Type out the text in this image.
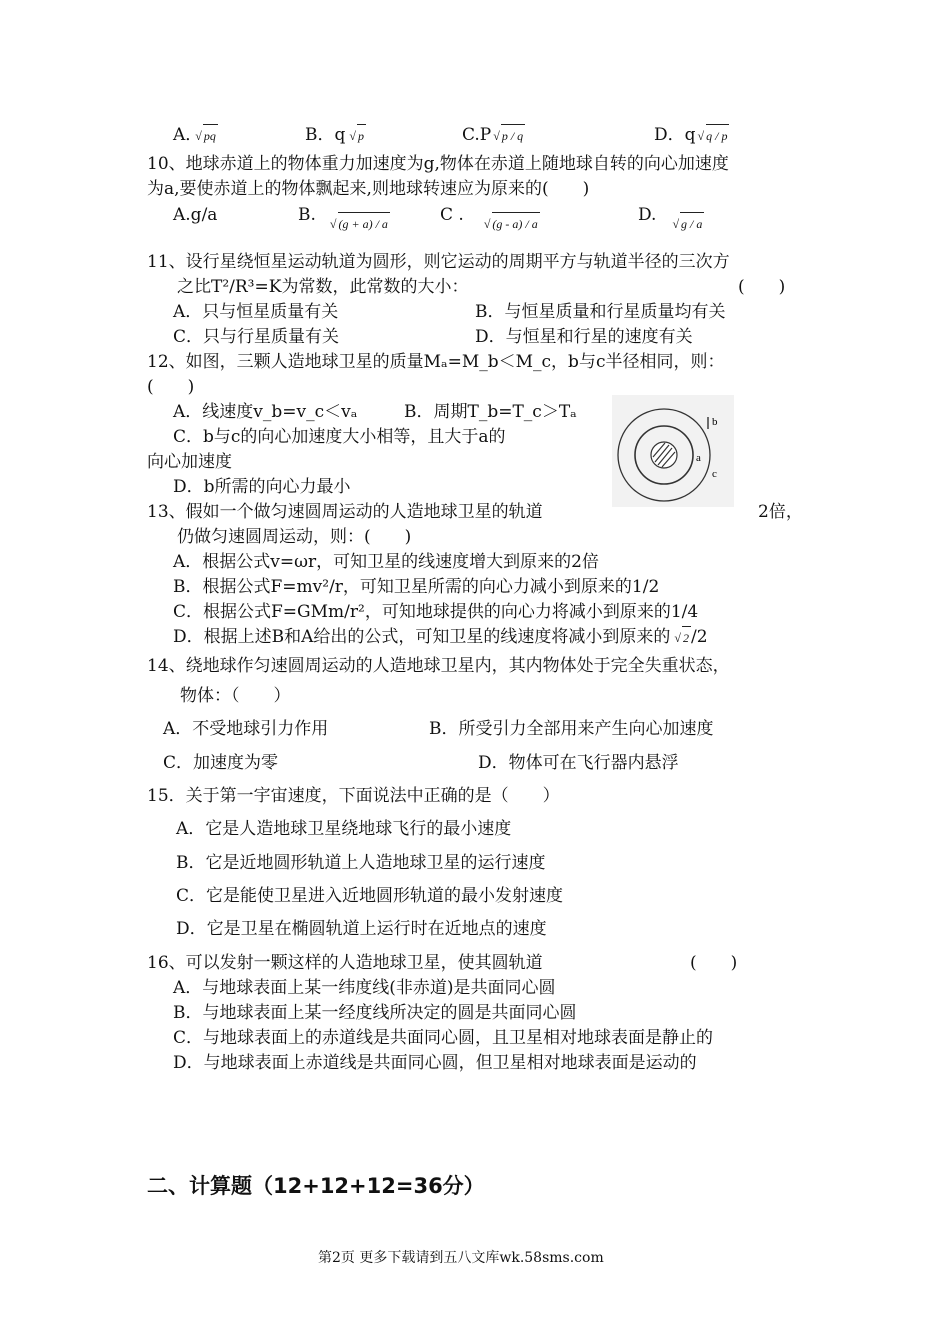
A． √ pq	B．q √ p	C.P √ p / q	D．q √ q / p
10、地球赤道上的物体重力加速度为g,物体在赤道上随地球自转的向心加速度
为a,要使赤道上的物体飘起来,则地球转速应为原来的(　　)
A.g/a	B. √ (g + a) / a	C . √ (g - a) / a	D. √ g / a
11、设行星绕恒星运动轨道为圆形，则它运动的周期平方与轨道半径的三次方
之比T²/R³=K为常数，此常数的大小：	(　　)
A．只与恒星质量有关	B．与恒星质量和行星质量均有关
C．只与行星质量有关	D．与恒星和行星的速度有关
12、如图，三颗人造地球卫星的质量Mₐ=M_b＜M_c，b与c半径相同，则：
(　　)
A．线速度v_b=v_c＜vₐ	B．周期T_b=T_c＞Tₐ
C．b与c的向心加速度大小相等，且大于a的
向心加速度
D．b所需的向心力最小
b
a
c
13、假如一个做匀速圆周运动的人造地球卫星的轨道	2倍，
仍做匀速圆周运动，则：(　　)
A．根据公式v=ωr，可知卫星的线速度增大到原来的2倍
B．根据公式F=mv²/r，可知卫星所需的向心力减小到原来的1/2
C．根据公式F=GMm/r²，可知地球提供的向心力将减小到原来的1/4
D．根据上述B和A给出的公式，可知卫星的线速度将减小到原来的 √ 2 /2
14、绕地球作匀速圆周运动的人造地球卫星内，其内物体处于完全失重状态，
物体：（　　）
A．不受地球引力作用	B．所受引力全部用来产生向心加速度
C．加速度为零	D．物体可在飞行器内悬浮
15．关于第一宇宙速度，下面说法中正确的是（　　）
A．它是人造地球卫星绕地球飞行的最小速度
B．它是近地圆形轨道上人造地球卫星的运行速度
C．它是能使卫星进入近地圆形轨道的最小发射速度
D．它是卫星在椭圆轨道上运行时在近地点的速度
16、可以发射一颗这样的人造地球卫星，使其圆轨道	(　　)
A．与地球表面上某一纬度线(非赤道)是共面同心圆
B．与地球表面上某一经度线所决定的圆是共面同心圆
C．与地球表面上的赤道线是共面同心圆，且卫星相对地球表面是静止的
D．与地球表面上赤道线是共面同心圆，但卫星相对地球表面是运动的
二、计算题（12+12+12=36分）
第2页 更多下载请到五八文库wk.58sms.com
